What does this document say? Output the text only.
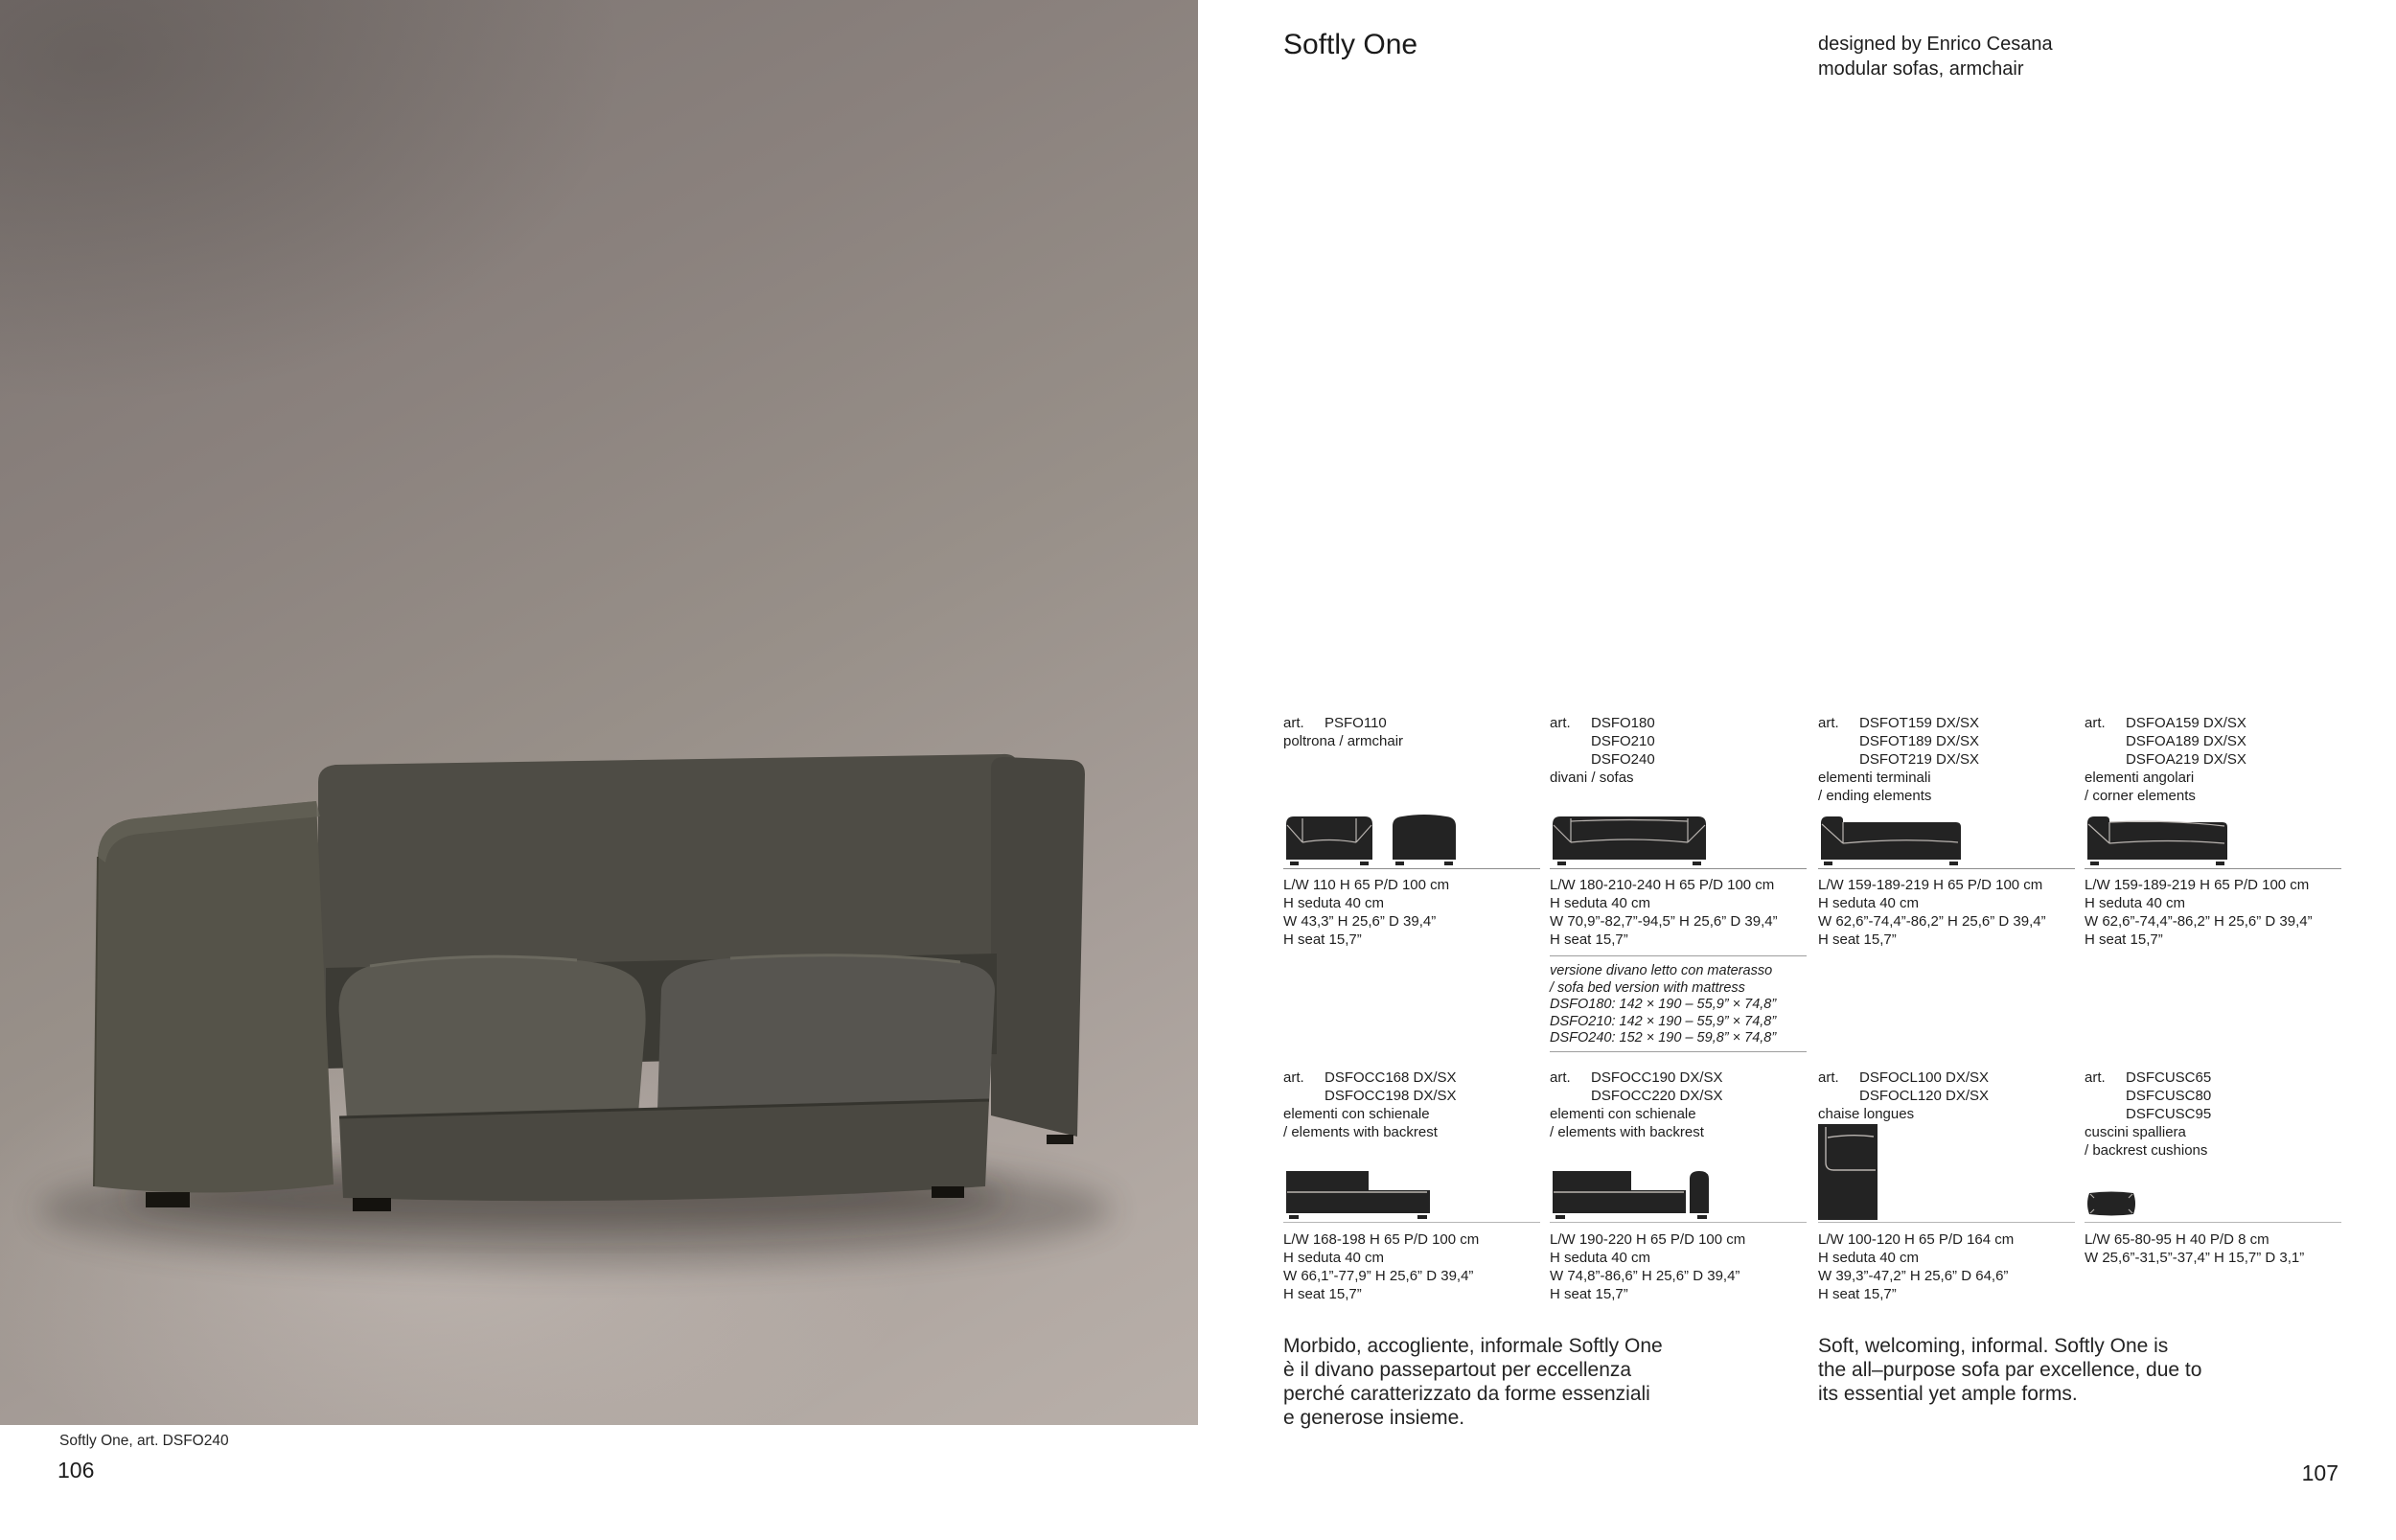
Softly One, art. DSFO240
106
Softly One	designed by Enrico Cesana
modular sofas, armchair
art.	PSFO110
poltrona / armchair
L/W 110 H 65 P/D 100 cm
H seduta 40 cm
W 43,3” H 25,6” D 39,4”
H seat 15,7”
art.	DSFO180
DSFO210
DSFO240
divani / sofas
L/W 180-210-240 H 65 P/D 100 cm
H seduta 40 cm
W 70,9”-82,7”-94,5” H 25,6” D 39,4”
H seat 15,7”
versione divano letto con materasso
/ sofa bed version with mattress
DSFO180: 142 × 190 – 55,9” × 74,8”
DSFO210: 142 × 190 – 55,9” × 74,8”
DSFO240: 152 × 190 – 59,8” × 74,8”
art.	DSFOT159 DX/SX
DSFOT189 DX/SX
DSFOT219 DX/SX
elementi terminali
/ ending elements
L/W 159-189-219 H 65 P/D 100 cm
H seduta 40 cm
W 62,6”-74,4”-86,2” H 25,6” D 39,4”
H seat 15,7”
art.	DSFOA159 DX/SX
DSFOA189 DX/SX
DSFOA219 DX/SX
elementi angolari
/ corner elements
L/W 159-189-219 H 65 P/D 100 cm
H seduta 40 cm
W 62,6”-74,4”-86,2” H 25,6” D 39,4”
H seat 15,7”
art.	DSFOCC168 DX/SX
DSFOCC198 DX/SX
elementi con schienale
/ elements with backrest
L/W 168-198 H 65 P/D 100 cm
H seduta 40 cm
W 66,1”-77,9” H 25,6” D 39,4”
H seat 15,7”
art.	DSFOCC190 DX/SX
DSFOCC220 DX/SX
elementi con schienale
/ elements with backrest
L/W 190-220 H 65 P/D 100 cm
H seduta 40 cm
W 74,8”-86,6” H 25,6” D 39,4”
H seat 15,7”
art.	DSFOCL100 DX/SX
DSFOCL120 DX/SX
chaise longues
L/W 100-120 H 65 P/D 164 cm
H seduta 40 cm
W 39,3”-47,2” H 25,6” D 64,6”
H seat 15,7”
art.	DSFCUSC65
DSFCUSC80
DSFCUSC95
cuscini spalliera
/ backrest cushions
L/W 65-80-95 H 40 P/D 8 cm
W 25,6”-31,5”-37,4” H 15,7” D 3,1”
Morbido, accogliente, informale Softly One
è il divano passepartout per eccellenza
perché caratterizzato da forme essenziali
e generose insieme.
Soft, welcoming, informal. Softly One is
the all–purpose sofa par excellence, due to
its essential yet ample forms.
107
